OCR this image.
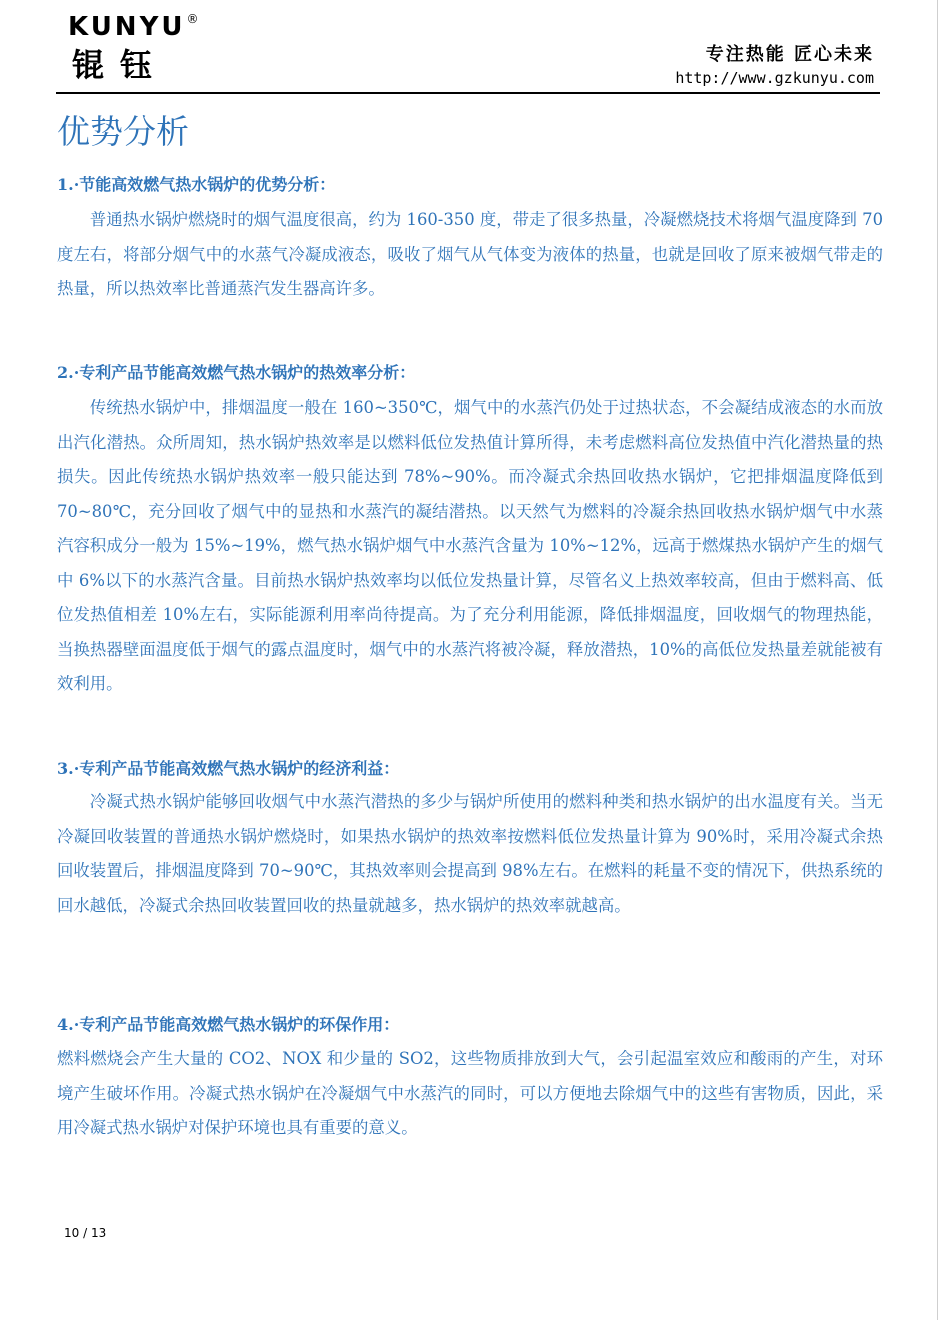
KUNYU®
锟钰	专注热能 匠心未来
http://www.gzkunyu.com
优势分析

1.·节能高效燃气热水锅炉的优势分析：

普通热水锅炉燃烧时的烟气温度很高，约为 160-350 度，带走了很多热量，冷凝燃烧技术将烟气温度降到 70 度左右，将部分烟气中的水蒸气冷凝成液态，吸收了烟气从气体变为液体的热量，也就是回收了原来被烟气带走的热量，所以热效率比普通蒸汽发生器高许多。

2.·专利产品节能高效燃气热水锅炉的热效率分析：

传统热水锅炉中，排烟温度一般在 160~350℃，烟气中的水蒸汽仍处于过热状态，不会凝结成液态的水而放出汽化潜热。众所周知，热水锅炉热效率是以燃料低位发热值计算所得，未考虑燃料高位发热值中汽化潜热量的热损失。因此传统热水锅炉热效率一般只能达到 78%~90%。而冷凝式余热回收热水锅炉，它把排烟温度降低到 70~80℃，充分回收了烟气中的显热和水蒸汽的凝结潜热。以天然气为燃料的冷凝余热回收热水锅炉烟气中水蒸汽容积成分一般为 15%~19%，燃气热水锅炉烟气中水蒸汽含量为 10%~12%，远高于燃煤热水锅炉产生的烟气中 6%以下的水蒸汽含量。目前热水锅炉热效率均以低位发热量计算，尽管名义上热效率较高，但由于燃料高、低位发热值相差 10%左右，实际能源利用率尚待提高。为了充分利用能源，降低排烟温度，回收烟气的物理热能，当换热器壁面温度低于烟气的露点温度时，烟气中的水蒸汽将被冷凝，释放潜热，10%的高低位发热量差就能被有效利用。

3.·专利产品节能高效燃气热水锅炉的经济利益：

冷凝式热水锅炉能够回收烟气中水蒸汽潜热的多少与锅炉所使用的燃料种类和热水锅炉的出水温度有关。当无冷凝回收装置的普通热水锅炉燃烧时，如果热水锅炉的热效率按燃料低位发热量计算为 90%时，采用冷凝式余热回收装置后，排烟温度降到 70~90℃，其热效率则会提高到 98%左右。在燃料的耗量不变的情况下，供热系统的回水越低，冷凝式余热回收装置回收的热量就越多，热水锅炉的热效率就越高。

4.·专利产品节能高效燃气热水锅炉的环保作用：

燃料燃烧会产生大量的 CO2、NOX 和少量的 SO2，这些物质排放到大气，会引起温室效应和酸雨的产生，对环境产生破坏作用。冷凝式热水锅炉在冷凝烟气中水蒸汽的同时，可以方便地去除烟气中的这些有害物质，因此，采用冷凝式热水锅炉对保护环境也具有重要的意义。

10 / 13
